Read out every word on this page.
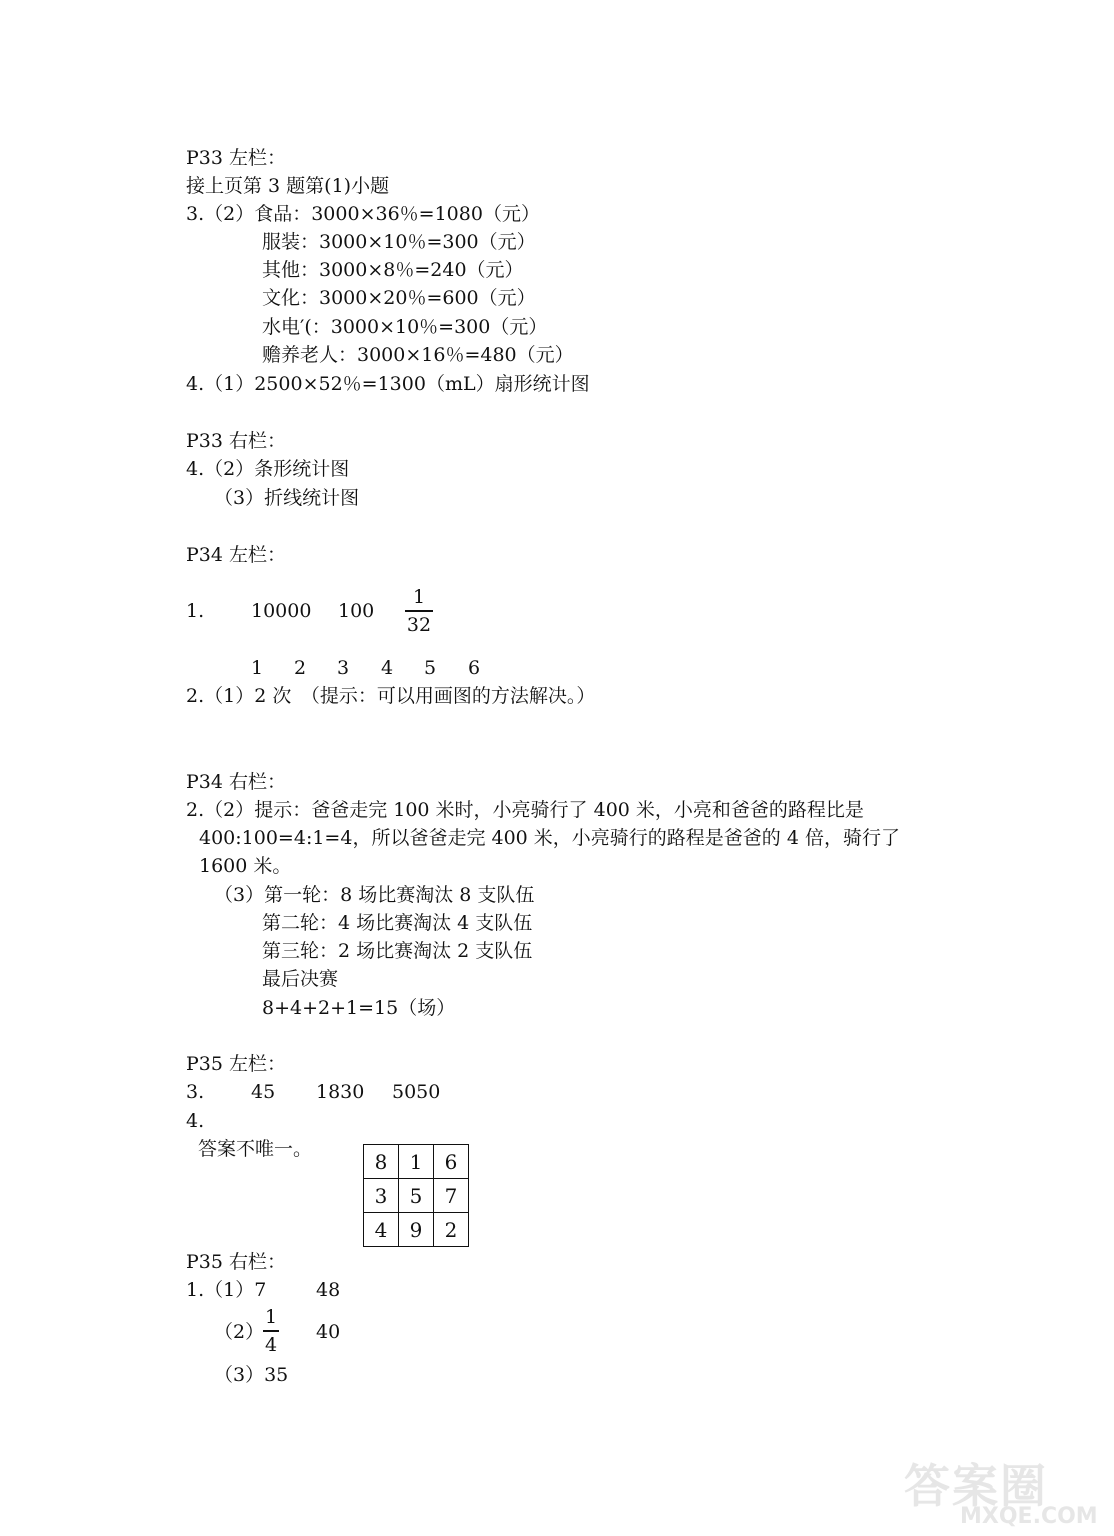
P33 左栏：
接上页第 3 题第(1)小题
3.（2）食品：3000×36％=1080（元）
服装：3000×10％=300（元）
其他：3000×8％=240（元）
文化：3000×20％=600（元）
水电′(：3000×10％=300（元）
赡养老人：3000×16％=480（元）
4.（1）2500×52％=1300（mL）扇形统计图
P33 右栏：
4.（2）条形统计图
（3）折线统计图
P34 左栏：
1. 10000 100
1
32
1 2 3 4 5 6
2.（1）2 次　（提示：可以用画图的方法解决。）
P34 右栏：
2.（2）提示：爸爸走完 100 米时，小亮骑行了 400 米，小亮和爸爸的路程比是
400:100=4:1=4，所以爸爸走完 400 米，小亮骑行的路程是爸爸的 4 倍，骑行了
1600 米。
（3）第一轮：8 场比赛淘汰 8 支队伍
第二轮：4 场比赛淘汰 4 支队伍
第三轮：2 场比赛淘汰 2 支队伍
最后决赛
8+4+2+1=15（场）
P35 左栏：
3. 45 1830 5050
4.
答案不唯一。
8	1	6
3	5	7
4	9	2
P35 右栏：
1.（1）7	48
（2）
1
4
40
（3）35
答案圈
MXQE.COM
